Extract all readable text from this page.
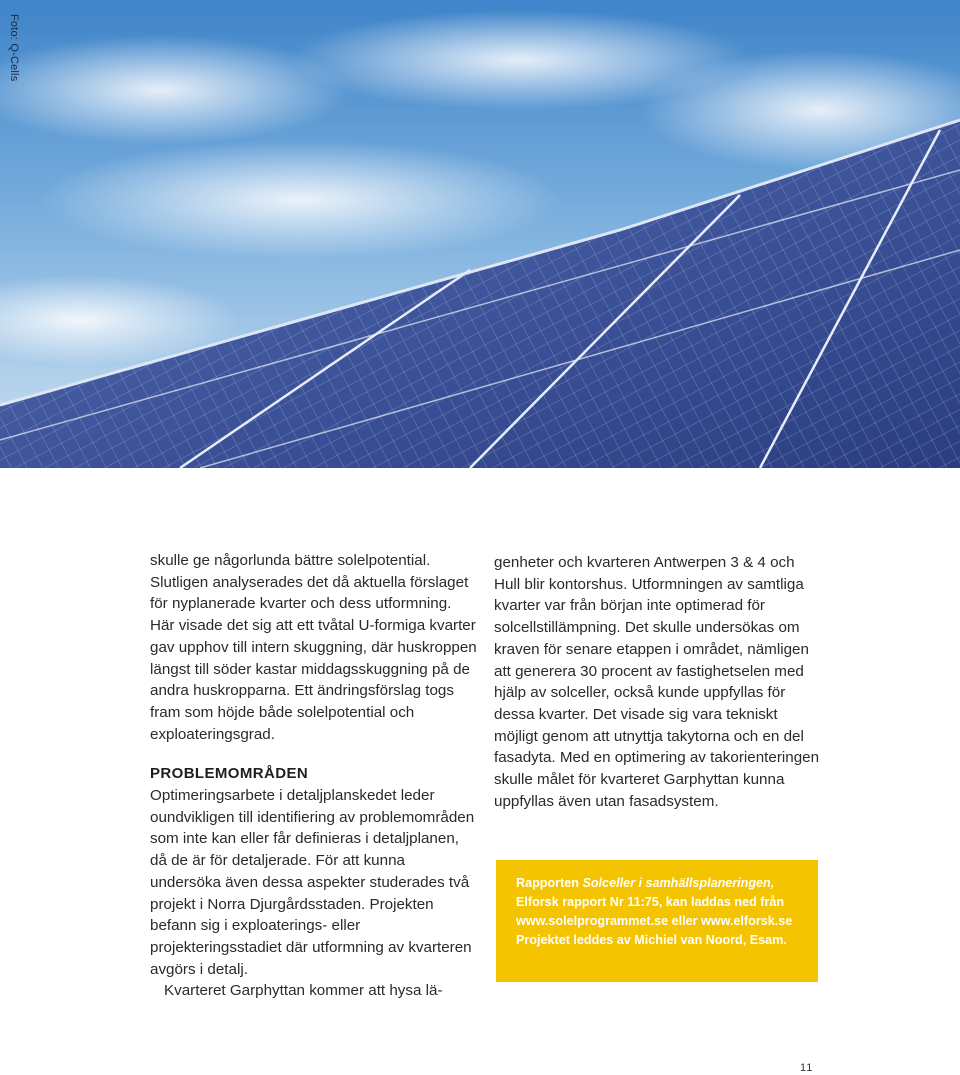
Foto: Q-Cells

skulle ge någorlunda bättre solelpotential. Slutligen analyserades det då aktuella förslaget för nyplanerade kvarter och dess utformning. Här visade det sig att ett tvåtal U-formiga kvarter gav upphov till intern skuggning, där huskroppen längst till söder kastar middagsskuggning på de andra huskropparna. Ett ändringsförslag togs fram som höjde både solelpotential och exploateringsgrad.

PROBLEMOMRÅDEN

Optimeringsarbete i detaljplanskedet leder oundvikligen till identifiering av problemområden som inte kan eller får definieras i detaljplanen, då de är för detaljerade. För att kunna undersöka även dessa aspekter studerades två projekt i Norra Djurgårdsstaden. Projekten befann sig i exploaterings- eller projekteringsstadiet där utformning av kvarteren avgörs i detalj.

Kvarteret Garphyttan kommer att hysa lä-

genheter och kvarteren Antwerpen 3 & 4 och Hull blir kontorshus. Utformningen av samtliga kvarter var från början inte optimerad för solcellstillämpning. Det skulle undersökas om kraven för senare etappen i området, nämligen att generera 30 procent av fastighetselen med hjälp av solceller, också kunde uppfyllas för dessa kvarter. Det visade sig vara tekniskt möjligt genom att utnyttja takytorna och en del fasadyta. Med en optimering av takorienteringen skulle målet för kvarteret Garphyttan kunna uppfyllas även utan fasadsystem.

Rapporten Solceller i samhällsplaneringen,
Elforsk rapport Nr 11:75, kan laddas ned från www.solelprogrammet.se eller www.elforsk.se
Projektet leddes av Michiel van Noord, Esam.
11
